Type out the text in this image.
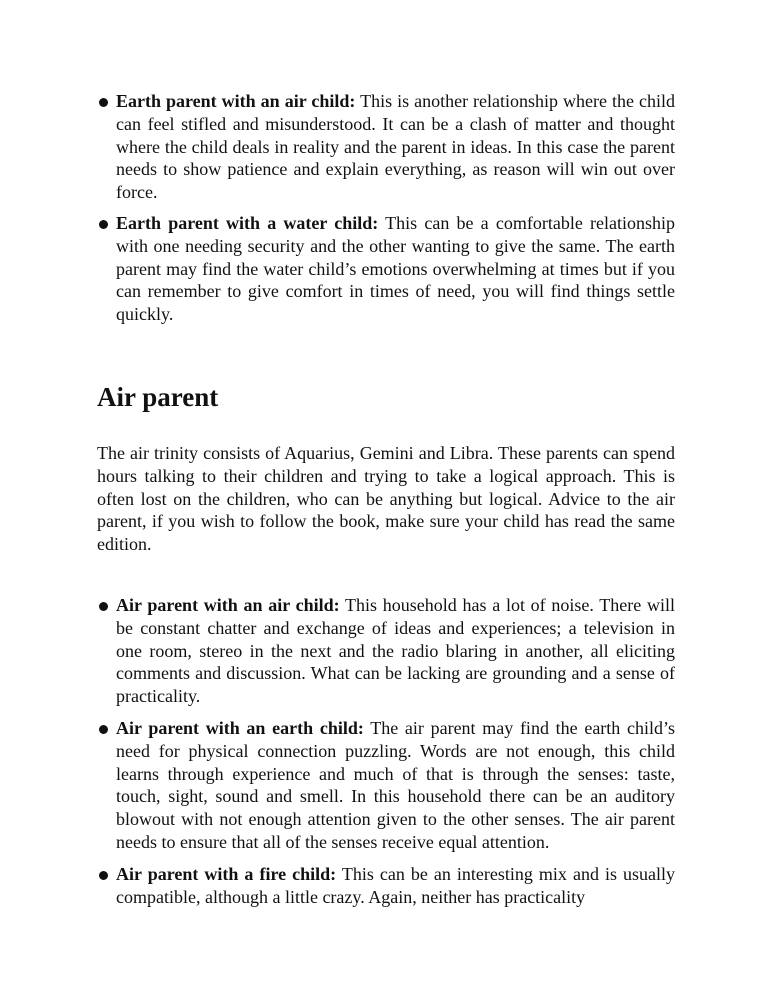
Earth parent with an air child: This is another relationship where the child can feel stifled and misunderstood. It can be a clash of matter and thought where the child deals in reality and the parent in ideas. In this case the parent needs to show patience and explain everything, as reason will win out over force.
Earth parent with a water child: This can be a comfortable relationship with one needing security and the other wanting to give the same. The earth parent may find the water child’s emotions overwhelming at times but if you can remember to give comfort in times of need, you will find things settle quickly.
Air parent

The air trinity consists of Aquarius, Gemini and Libra. These parents can spend hours talking to their children and trying to take a logical approach. This is often lost on the children, who can be anything but logical. Advice to the air parent, if you wish to follow the book, make sure your child has read the same edition.

Air parent with an air child: This household has a lot of noise. There will be constant chatter and exchange of ideas and experiences; a television in one room, stereo in the next and the radio blaring in another, all eliciting comments and discussion. What can be lacking are grounding and a sense of practicality.
Air parent with an earth child: The air parent may find the earth child’s need for physical connection puzzling. Words are not enough, this child learns through experience and much of that is through the senses: taste, touch, sight, sound and smell. In this household there can be an auditory blowout with not enough attention given to the other senses. The air parent needs to ensure that all of the senses receive equal attention.
Air parent with a fire child: This can be an interesting mix and is usually compatible, although a little crazy. Again, neither has practicality
